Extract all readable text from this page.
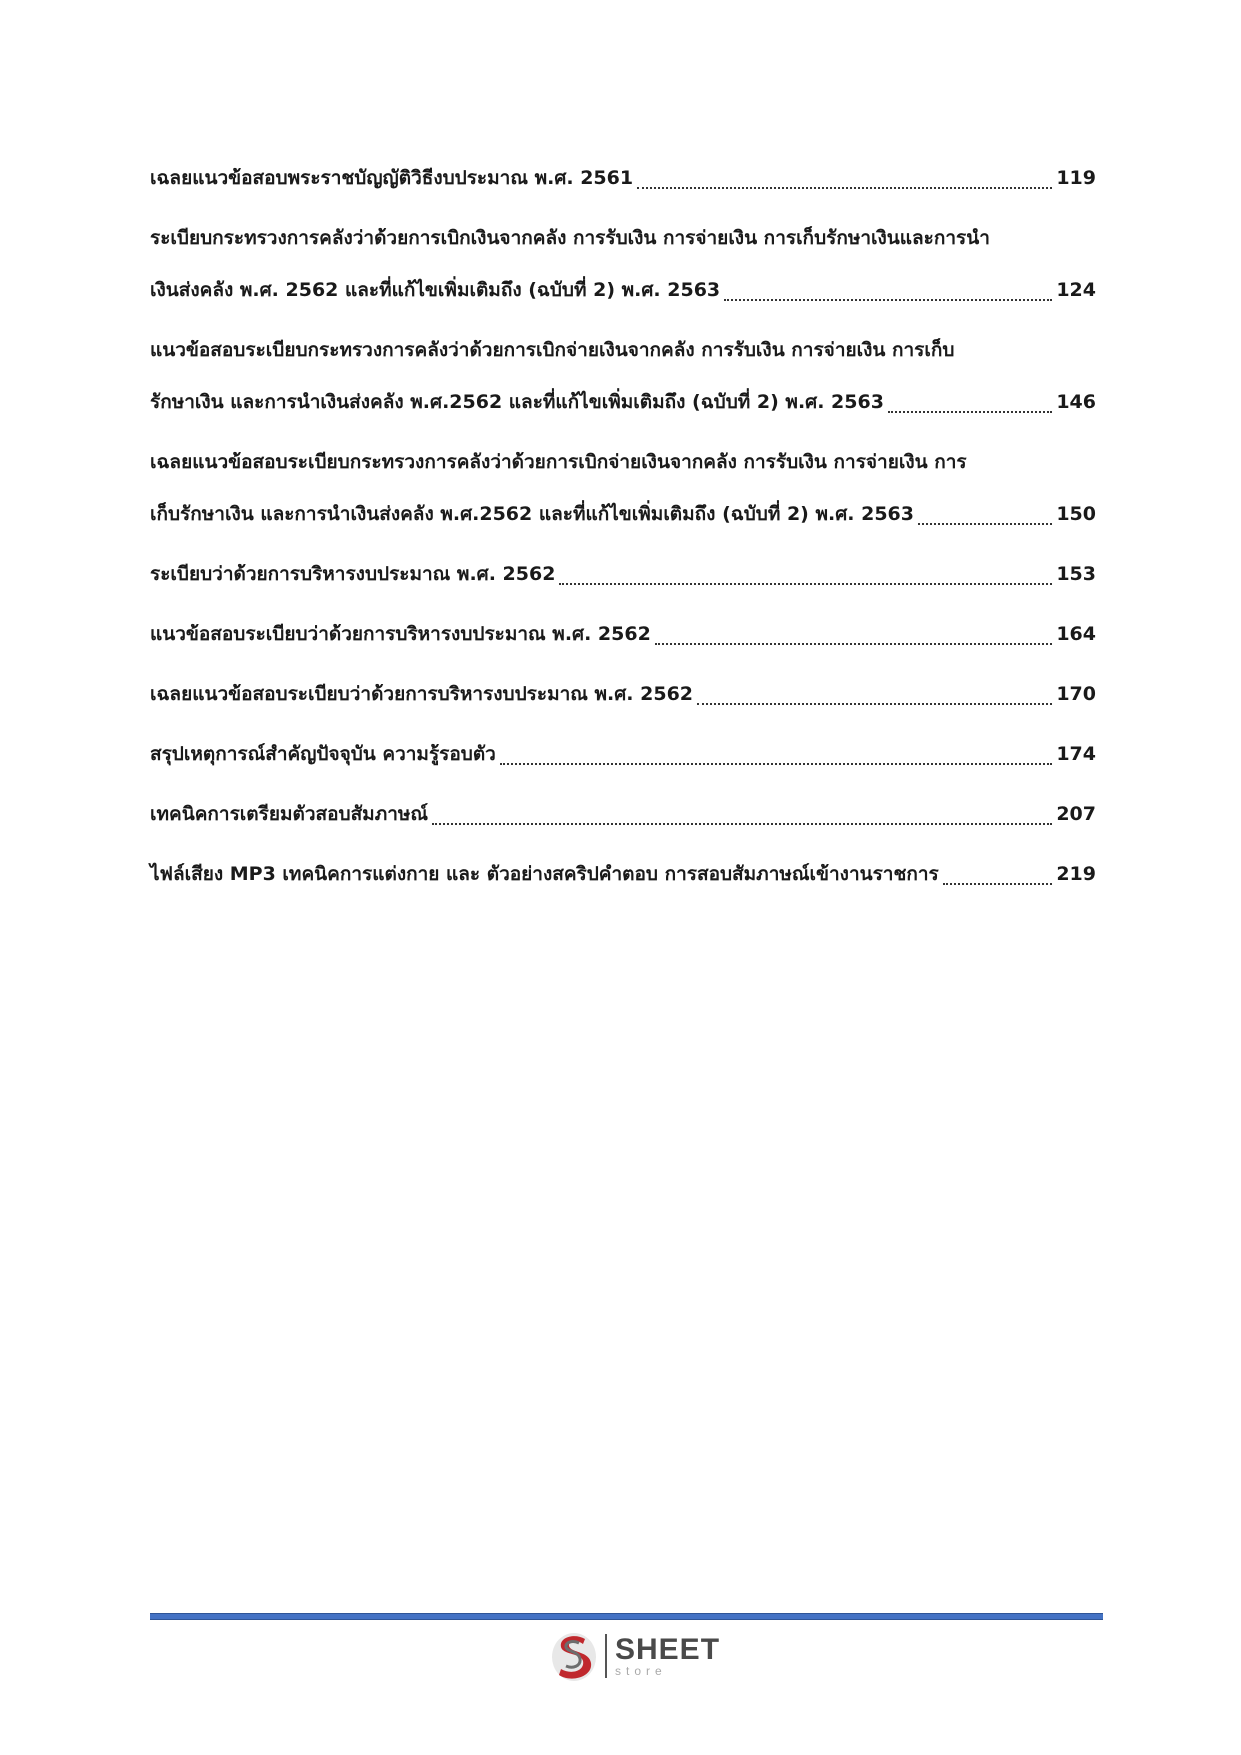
เฉลยแนวข้อสอบพระราชบัญญัติวิธีงบประมาณ พ.ศ. 2561	119
ระเบียบกระทรวงการคลังว่าด้วยการเบิกเงินจากคลัง การรับเงิน การจ่ายเงิน การเก็บรักษาเงินและการนำ
เงินส่งคลัง พ.ศ. 2562 และที่แก้ไขเพิ่มเติมถึง (ฉบับที่ 2) พ.ศ. 2563	124
แนวข้อสอบระเบียบกระทรวงการคลังว่าด้วยการเบิกจ่ายเงินจากคลัง การรับเงิน การจ่ายเงิน การเก็บ
รักษาเงิน และการนำเงินส่งคลัง พ.ศ.2562 และที่แก้ไขเพิ่มเติมถึง (ฉบับที่ 2) พ.ศ. 2563	146
เฉลยแนวข้อสอบระเบียบกระทรวงการคลังว่าด้วยการเบิกจ่ายเงินจากคลัง การรับเงิน การจ่ายเงิน การ
เก็บรักษาเงิน และการนำเงินส่งคลัง พ.ศ.2562 และที่แก้ไขเพิ่มเติมถึง (ฉบับที่ 2) พ.ศ. 2563	150
ระเบียบว่าด้วยการบริหารงบประมาณ พ.ศ. 2562	153
แนวข้อสอบระเบียบว่าด้วยการบริหารงบประมาณ พ.ศ. 2562	164
เฉลยแนวข้อสอบระเบียบว่าด้วยการบริหารงบประมาณ พ.ศ. 2562	170
สรุปเหตุการณ์สำคัญปัจจุบัน ความรู้รอบตัว	174
เทคนิคการเตรียมตัวสอบสัมภาษณ์	207
ไฟล์เสียง MP3 เทคนิคการแต่งกาย และ ตัวอย่างสคริปคำตอบ การสอบสัมภาษณ์เข้างานราชการ	219
SHEET
store
